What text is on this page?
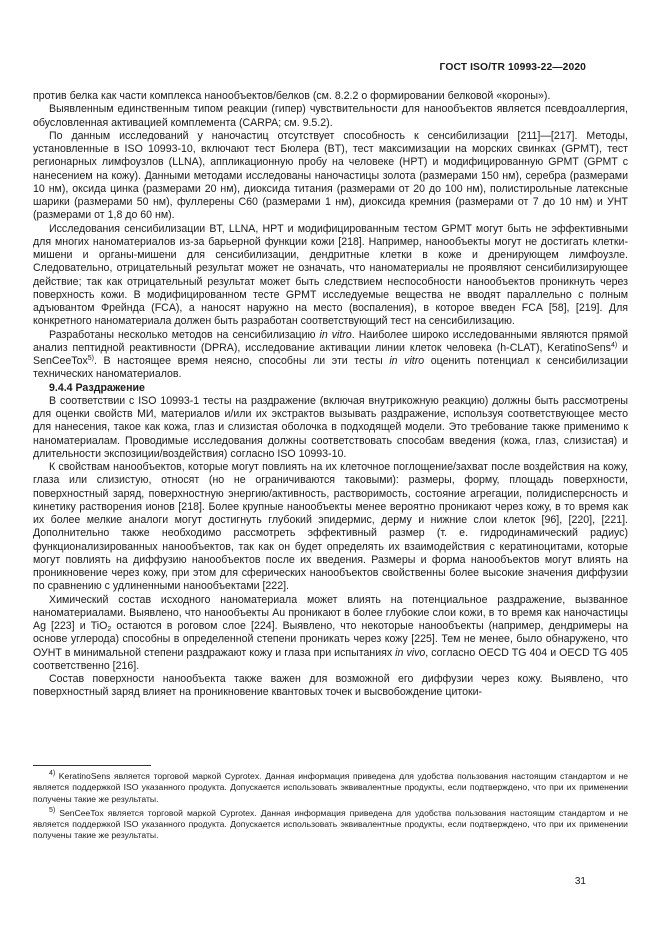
ГОСТ ISO/TR 10993-22—2020

против белка как части комплекса нанообъектов/белков (см. 8.2.2 о формировании белковой «короны»).

Выявленным единственным типом реакции (гипер) чувствительности для нанообъектов является псевдоаллергия, обусловленная активацией комплемента (CARPA; см. 9.5.2).

По данным исследований у наночастиц отсутствует способность к сенсибилизации [211]—[217]. Методы, установленные в ISO 10993-10, включают тест Бюлера (BT), тест максимизации на морских свинках (GPMT), тест регионарных лимфоузлов (LLNA), аппликационную пробу на человеке (HPT) и модифицированную GPMT (GPMT с нанесением на кожу). Данными методами исследованы наночастицы золота (размерами 150 нм), серебра (размерами 10 нм), оксида цинка (размерами 20 нм), диоксида титания (размерами от 20 до 100 нм), полистирольные латексные шарики (размерами 50 нм), фуллерены C60 (размерами 1 нм), диоксида кремния (размерами от 7 до 10 нм) и УНТ (размерами от 1,8 до 60 нм).

Исследования сенсибилизации BT, LLNA, HPT и модифицированным тестом GPMT могут быть не эффективными для многих наноматериалов из-за барьерной функции кожи [218]. Например, нанообъекты могут не достигать клетки-мишени и органы-мишени для сенсибилизации, дендритные клетки в коже и дренирующем лимфоузле. Следовательно, отрицательный результат может не означать, что наноматериалы не проявляют сенсибилизирующее действие; так как отрицательный результат может быть следствием неспособности нанообъектов проникнуть через поверхность кожи. В модифицированном тесте GPMT исследуемые вещества не вводят параллельно с полным адъювантом Фрейнда (FCA), а наносят наружно на место (воспаления), в которое введен FCA [58], [219]. Для конкретного наноматериала должен быть разработан соответствующий тест на сенсибилизацию.

Разработаны несколько методов на сенсибилизацию in vitro. Наиболее широко исследованными являются прямой анализ пептидной реактивности (DPRA), исследование активации линии клеток человека (h-CLAT), KeratinoSens$^{4)}$ и SenCeeTox$^{5)}$. В настоящее время неясно, способны ли эти тесты in vitro оценить потенциал к сенсибилизации технических наноматериалов.

9.4.4 Раздражение

В соответствии с ISO 10993-1 тесты на раздражение (включая внутрикожную реакцию) должны быть рассмотрены для оценки свойств МИ, материалов и/или их экстрактов вызывать раздражение, используя соответствующее место для нанесения, такое как кожа, глаз и слизистая оболочка в подходящей модели. Это требование также применимо к наноматериалам. Проводимые исследования должны соответствовать способам введения (кожа, глаз, слизистая) и длительности экспозиции/воздействия) согласно ISO 10993-10.

К свойствам нанообъектов, которые могут повлиять на их клеточное поглощение/захват после воздействия на кожу, глаза или слизистую, относят (но не ограничиваются таковыми): размеры, форму, площадь поверхности, поверхностный заряд, поверхностную энергию/активность, растворимость, состояние агрегации, полидисперсность и кинетику растворения ионов [218]. Более крупные нанообъекты менее вероятно проникают через кожу, в то время как их более мелкие аналоги могут достигнуть глубокий эпидермис, дерму и нижние слои клеток [96], [220], [221]. Дополнительно также необходимо рассмотреть эффективный размер (т. е. гидродинамический радиус) функционализированных нанообъектов, так как он будет определять их взаимодействия с кератиноцитами, которые могут повлиять на диффузию нанообъектов после их введения. Размеры и форма нанообъектов могут влиять на проникновение через кожу, при этом для сферических нанообъектов свойственны более высокие значения диффузии по сравнению с удлиненными нанообъектами [222].

Химический состав исходного наноматериала может влиять на потенциальное раздражение, вызванное наноматериалами. Выявлено, что нанообъекты Au проникают в более глубокие слои кожи, в то время как наночастицы Ag [223] и TiO$_2$ остаются в роговом слое [224]. Выявлено, что некоторые нанообъекты (например, дендримеры на основе углерода) способны в определенной степени проникать через кожу [225]. Тем не менее, было обнаружено, что ОУНТ в минимальной степени раздражают кожу и глаза при испытаниях in vivo, согласно OECD TG 404 и OECD TG 405 соответственно [216].

Состав поверхности нанообъекта также важен для возможной его диффузии через кожу. Выявлено, что поверхностный заряд влияет на проникновение квантовых точек и высвобождение цитоки-

$^{4)}$ KeratinoSens является торговой маркой Cyprotex. Данная информация приведена для удобства пользования настоящим стандартом и не является поддержкой ISO указанного продукта. Допускается использовать эквивалентные продукты, если подтверждено, что при их применении получены такие же результаты.

$^{5)}$ SenCeeTox является торговой маркой Cyprotex. Данная информация приведена для удобства пользования настоящим стандартом и не является поддержкой ISO указанного продукта. Допускается использовать эквивалентные продукты, если подтверждено, что при их применении получены такие же результаты.

31
